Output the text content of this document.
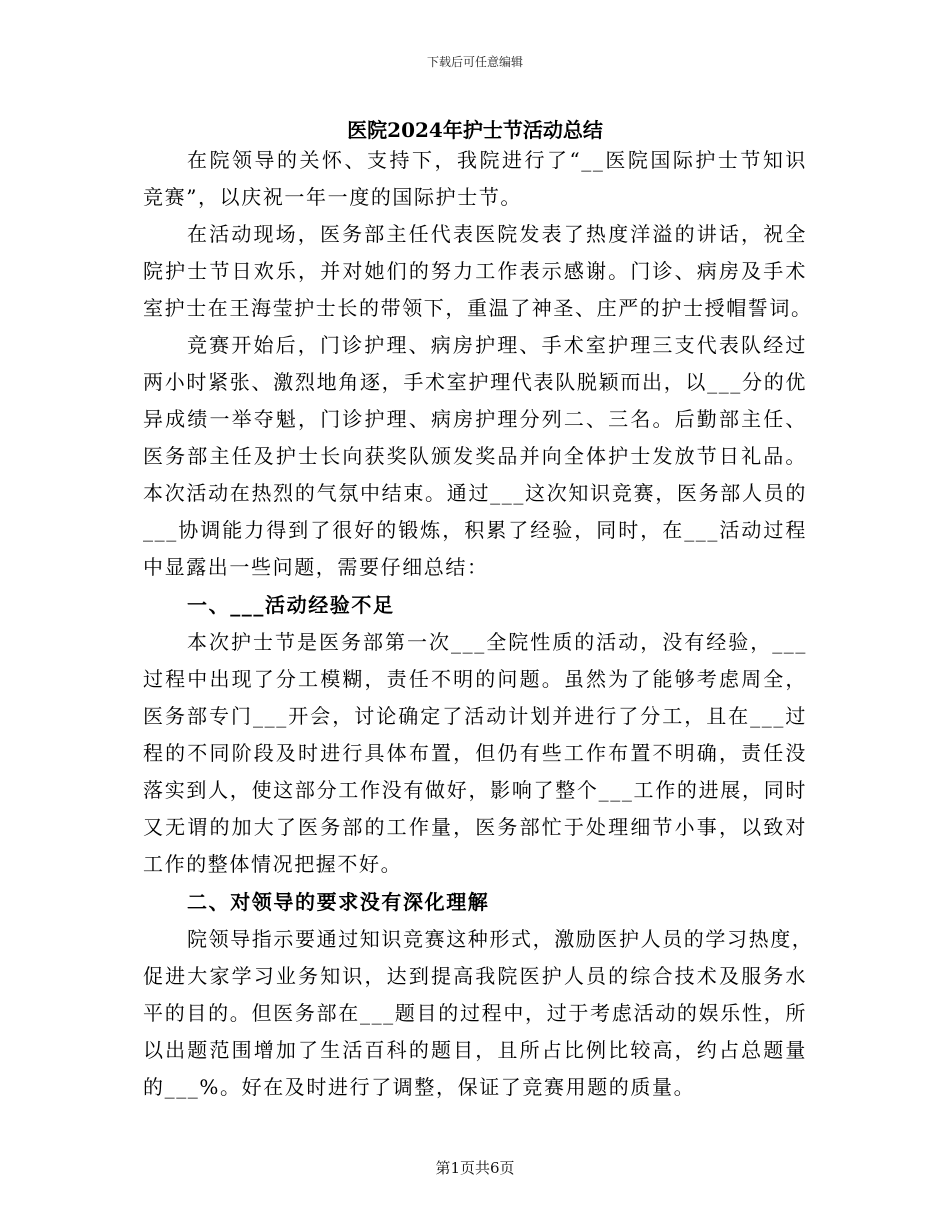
下载后可任意编辑
医院2024年护士节活动总结
在院领导的关怀、支持下，我院进行了“__医院国际护士节知识
竞赛”，以庆祝一年一度的国际护士节。
在活动现场，医务部主任代表医院发表了热度洋溢的讲话，祝全
院护士节日欢乐，并对她们的努力工作表示感谢。门诊、病房及手术
室护士在王海莹护士长的带领下，重温了神圣、庄严的护士授帽誓词。
竞赛开始后，门诊护理、病房护理、手术室护理三支代表队经过
两小时紧张、激烈地角逐，手术室护理代表队脱颖而出，以___分的优
异成绩一举夺魁，门诊护理、病房护理分列二、三名。后勤部主任、
医务部主任及护士长向获奖队颁发奖品并向全体护士发放节日礼品。
本次活动在热烈的气氛中结束。通过___这次知识竞赛，医务部人员的
___协调能力得到了很好的锻炼，积累了经验，同时，在___活动过程
中显露出一些问题，需要仔细总结：
一、___活动经验不足
本次护士节是医务部第一次___全院性质的活动，没有经验，___
过程中出现了分工模糊，责任不明的问题。虽然为了能够考虑周全，
医务部专门___开会，讨论确定了活动计划并进行了分工，且在___过
程的不同阶段及时进行具体布置，但仍有些工作布置不明确，责任没
落实到人，使这部分工作没有做好，影响了整个___工作的进展，同时
又无谓的加大了医务部的工作量，医务部忙于处理细节小事，以致对
工作的整体情况把握不好。
二、对领导的要求没有深化理解
院领导指示要通过知识竞赛这种形式，激励医护人员的学习热度，
促进大家学习业务知识，达到提高我院医护人员的综合技术及服务水
平的目的。但医务部在___题目的过程中，过于考虑活动的娱乐性，所
以出题范围增加了生活百科的题目，且所占比例比较高，约占总题量
的___%。好在及时进行了调整，保证了竞赛用题的质量。
第1页共6页
